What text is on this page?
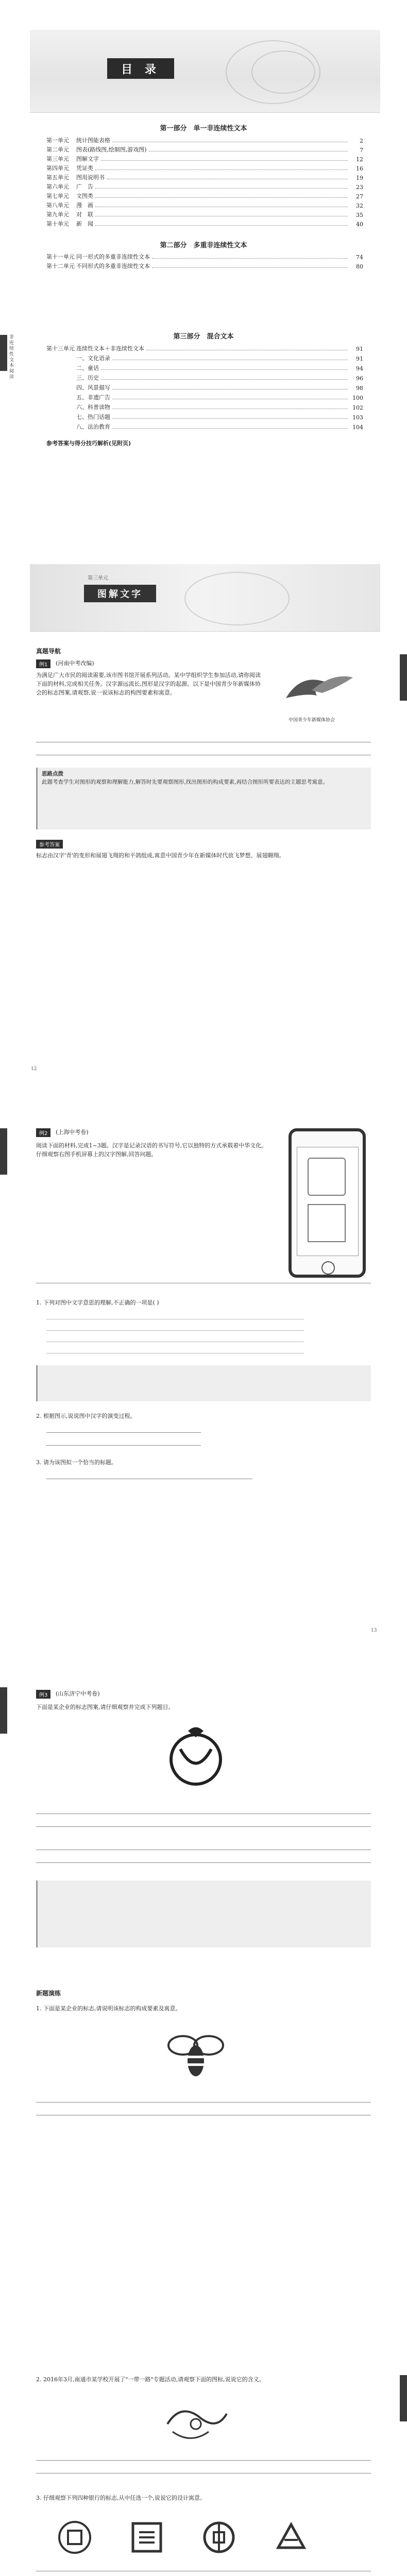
目 录
第一部分　单一非连续性文本
第一单元	统计图能表格	2
第二单元	图表(路线图,绘制图,游戏图)	7
第三单元	图解文字	12
第四单元	凭证类	16
第五单元	图用说明书	19
第六单元	广　告	23
第七单元	文图类	27
第八单元	漫　画	32
第九单元	对　联	35
第十单元	新　闻	40
第二部分　多重非连续性文本
第十一单元 同一形式的多重非连续性文本	74
第十二单元 不同形式的多重非连续性文本	80
非连续性文本阅读
第三部分　混合文本
第十三单元 连续性文本＋非连续性文本	91
一、文化语录	91
二、童话	94
三、历史	96
四、风景描写	98
五、非遗广告	100
六、科普读物	102
七、热门话题	103
八、法治教育	104
参考答案与得分技巧解析(见附页)
第三单元
图解文字
真题导航
例1	(河南中考改编)
为满足广大市民的阅读需要,该市图书馆开展系列活动。某中学组织学生参加活动,请你阅读下面的材料,完成相关任务。汉字源远流长,图形是汉字的起源。以下是中国青少年新媒体协会的标志图案,请观察,说一说该标志的构图要素和寓意。
中国青少年新媒体协会
思路点拨
此题考查学生对图形的观察和理解能力,解答时先要观察图形,找出图形的构成要素,再结合图形所要表达的主题思考寓意。
参考答案
标志由汉字'青'的变形和展翅飞翔的和平鸽组成,寓意中国青少年在新媒体时代放飞梦想、展翅翱翔。
12
例2	(上海中考卷)
阅读下面的材料,完成1~3题。汉字是记录汉语的书写符号,它以独特的方式承载着中华文化。仔细观察右图手机屏幕上的汉字图解,回答问题。
1. 下列对图中文字意思的理解,不正确的一项是( )
2. 根据图示,说说图中汉字的演变过程。
3. 请为该图拟一个恰当的标题。
13
例3	(山东济宁中考卷)
下面是某企业的标志图案,请仔细观察并完成下列题目。
新题演练
1. 下面是某企业的标志,请说明该标志的构成要素及寓意。
2. 2016年3月,南通市某学校开展了"一带一路"专题活动,请观察下面的图标,说说它的含义。
3. 仔细观察下列四种银行的标志,从中任选一个,说说它的设计寓意。
